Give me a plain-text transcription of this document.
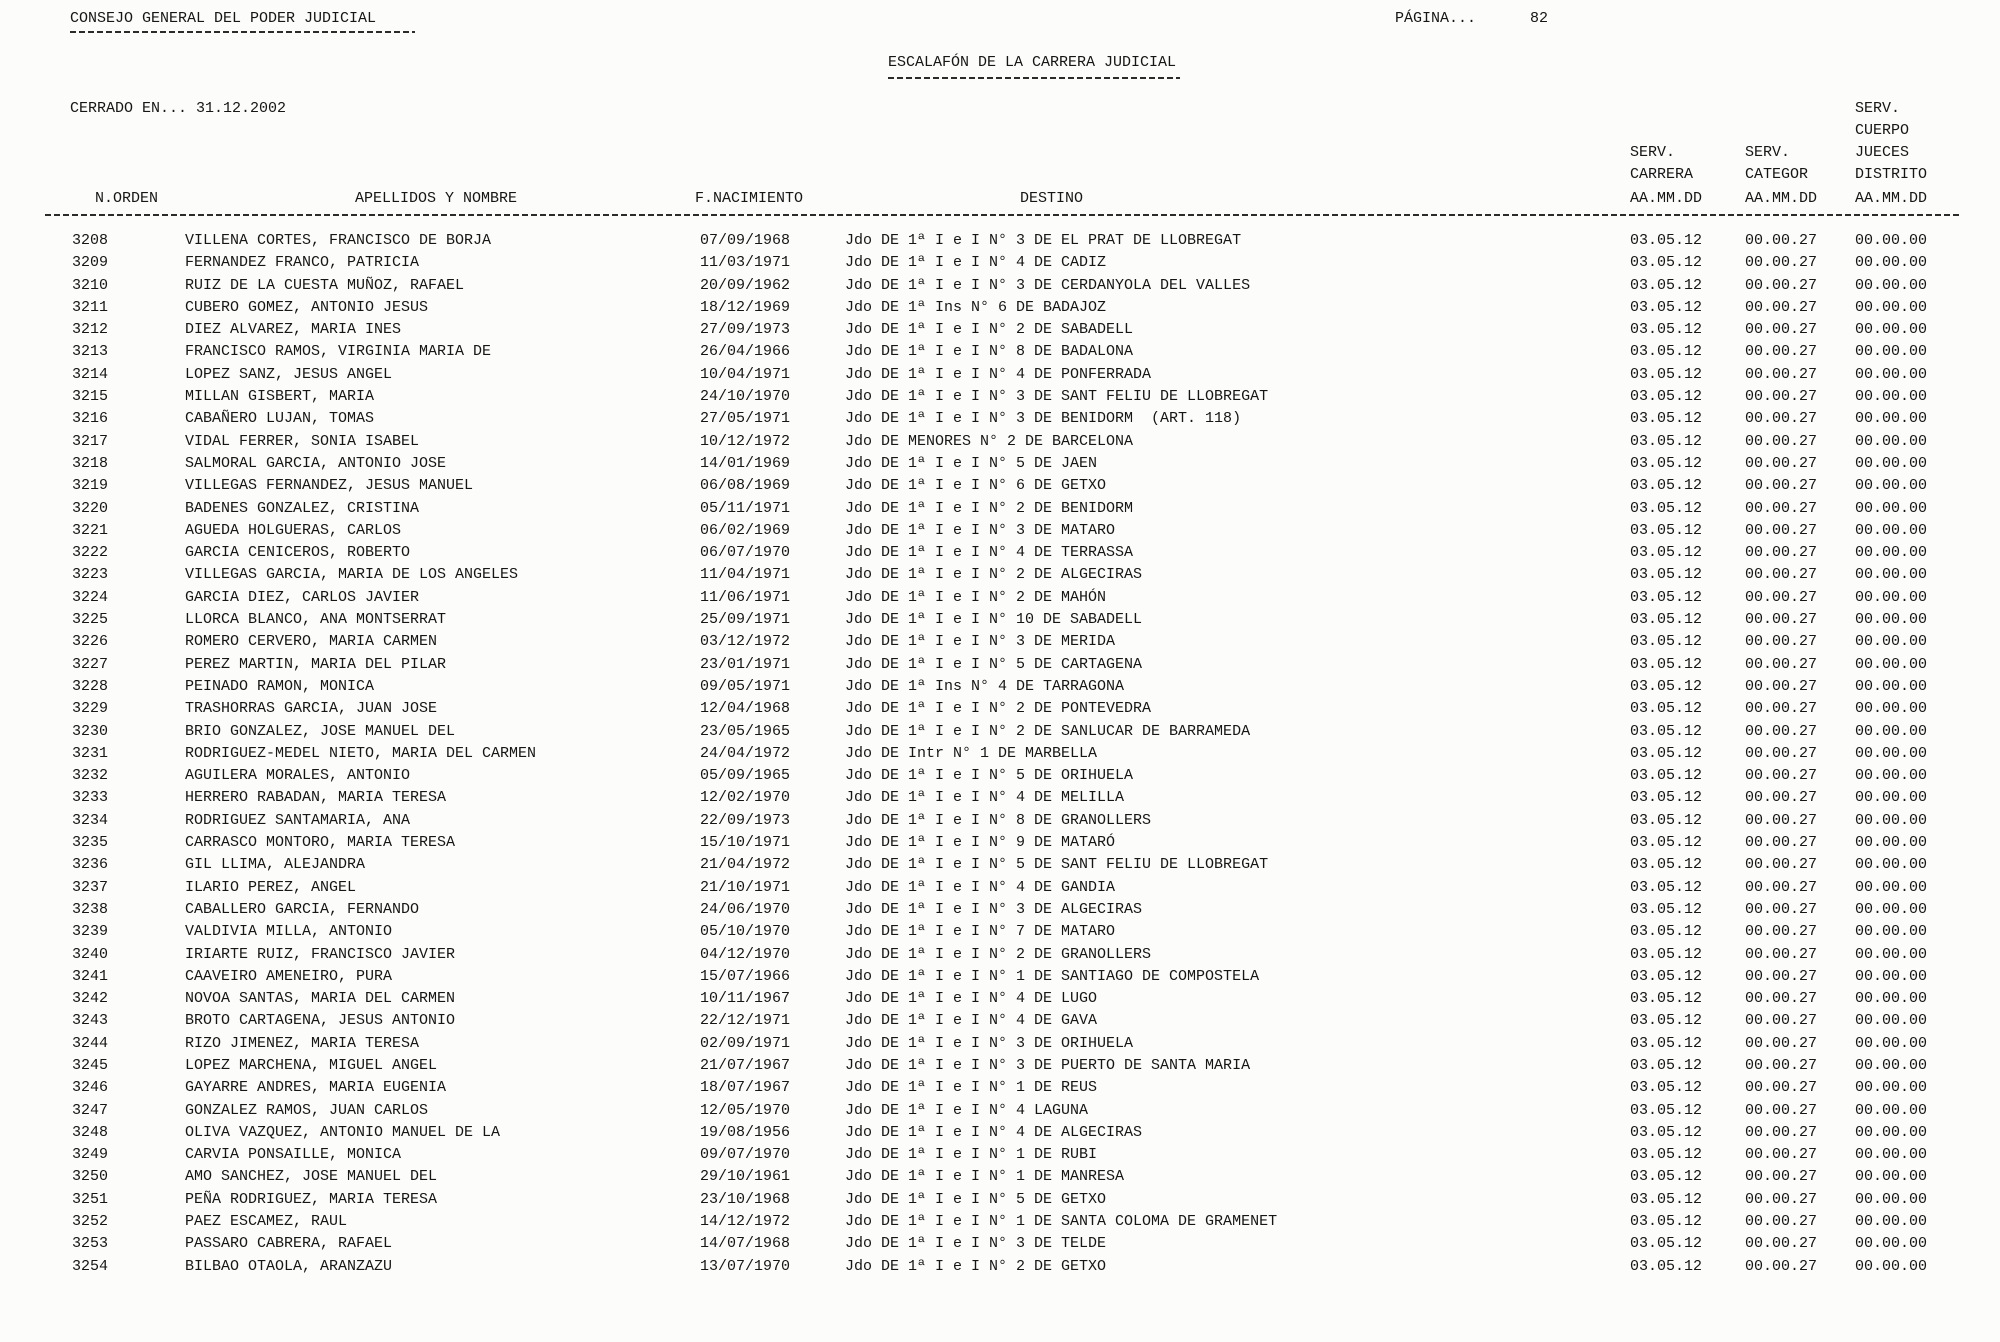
CONSEJO GENERAL DEL PODER JUDICIAL	PÁGINA...	82
ESCALAFÓN DE LA CARRERA JUDICIAL
CERRADO EN... 31.12.2002	SERV.
CUERPO
SERV.	SERV.	JUECES
CARRERA	CATEGOR	DISTRITO
N.ORDEN	APELLIDOS Y NOMBRE	F.NACIMIENTO	DESTINO	AA.MM.DD	AA.MM.DD	AA.MM.DD
3208	VILLENA CORTES, FRANCISCO DE BORJA	07/09/1968	Jdo DE 1ª I e I N° 3 DE EL PRAT DE LLOBREGAT	03.05.12	00.00.27	00.00.00
3209	FERNANDEZ FRANCO, PATRICIA	11/03/1971	Jdo DE 1ª I e I N° 4 DE CADIZ	03.05.12	00.00.27	00.00.00
3210	RUIZ DE LA CUESTA MUÑOZ, RAFAEL	20/09/1962	Jdo DE 1ª I e I N° 3 DE CERDANYOLA DEL VALLES	03.05.12	00.00.27	00.00.00
3211	CUBERO GOMEZ, ANTONIO JESUS	18/12/1969	Jdo DE 1ª Ins N° 6 DE BADAJOZ	03.05.12	00.00.27	00.00.00
3212	DIEZ ALVAREZ, MARIA INES	27/09/1973	Jdo DE 1ª I e I N° 2 DE SABADELL	03.05.12	00.00.27	00.00.00
3213	FRANCISCO RAMOS, VIRGINIA MARIA DE	26/04/1966	Jdo DE 1ª I e I N° 8 DE BADALONA	03.05.12	00.00.27	00.00.00
3214	LOPEZ SANZ, JESUS ANGEL	10/04/1971	Jdo DE 1ª I e I N° 4 DE PONFERRADA	03.05.12	00.00.27	00.00.00
3215	MILLAN GISBERT, MARIA	24/10/1970	Jdo DE 1ª I e I N° 3 DE SANT FELIU DE LLOBREGAT	03.05.12	00.00.27	00.00.00
3216	CABAÑERO LUJAN, TOMAS	27/05/1971	Jdo DE 1ª I e I N° 3 DE BENIDORM  (ART. 118)	03.05.12	00.00.27	00.00.00
3217	VIDAL FERRER, SONIA ISABEL	10/12/1972	Jdo DE MENORES N° 2 DE BARCELONA	03.05.12	00.00.27	00.00.00
3218	SALMORAL GARCIA, ANTONIO JOSE	14/01/1969	Jdo DE 1ª I e I N° 5 DE JAEN	03.05.12	00.00.27	00.00.00
3219	VILLEGAS FERNANDEZ, JESUS MANUEL	06/08/1969	Jdo DE 1ª I e I N° 6 DE GETXO	03.05.12	00.00.27	00.00.00
3220	BADENES GONZALEZ, CRISTINA	05/11/1971	Jdo DE 1ª I e I N° 2 DE BENIDORM	03.05.12	00.00.27	00.00.00
3221	AGUEDA HOLGUERAS, CARLOS	06/02/1969	Jdo DE 1ª I e I N° 3 DE MATARO	03.05.12	00.00.27	00.00.00
3222	GARCIA CENICEROS, ROBERTO	06/07/1970	Jdo DE 1ª I e I N° 4 DE TERRASSA	03.05.12	00.00.27	00.00.00
3223	VILLEGAS GARCIA, MARIA DE LOS ANGELES	11/04/1971	Jdo DE 1ª I e I N° 2 DE ALGECIRAS	03.05.12	00.00.27	00.00.00
3224	GARCIA DIEZ, CARLOS JAVIER	11/06/1971	Jdo DE 1ª I e I N° 2 DE MAHÓN	03.05.12	00.00.27	00.00.00
3225	LLORCA BLANCO, ANA MONTSERRAT	25/09/1971	Jdo DE 1ª I e I N° 10 DE SABADELL	03.05.12	00.00.27	00.00.00
3226	ROMERO CERVERO, MARIA CARMEN	03/12/1972	Jdo DE 1ª I e I N° 3 DE MERIDA	03.05.12	00.00.27	00.00.00
3227	PEREZ MARTIN, MARIA DEL PILAR	23/01/1971	Jdo DE 1ª I e I N° 5 DE CARTAGENA	03.05.12	00.00.27	00.00.00
3228	PEINADO RAMON, MONICA	09/05/1971	Jdo DE 1ª Ins N° 4 DE TARRAGONA	03.05.12	00.00.27	00.00.00
3229	TRASHORRAS GARCIA, JUAN JOSE	12/04/1968	Jdo DE 1ª I e I N° 2 DE PONTEVEDRA	03.05.12	00.00.27	00.00.00
3230	BRIO GONZALEZ, JOSE MANUEL DEL	23/05/1965	Jdo DE 1ª I e I N° 2 DE SANLUCAR DE BARRAMEDA	03.05.12	00.00.27	00.00.00
3231	RODRIGUEZ-MEDEL NIETO, MARIA DEL CARMEN	24/04/1972	Jdo DE Intr N° 1 DE MARBELLA	03.05.12	00.00.27	00.00.00
3232	AGUILERA MORALES, ANTONIO	05/09/1965	Jdo DE 1ª I e I N° 5 DE ORIHUELA	03.05.12	00.00.27	00.00.00
3233	HERRERO RABADAN, MARIA TERESA	12/02/1970	Jdo DE 1ª I e I N° 4 DE MELILLA	03.05.12	00.00.27	00.00.00
3234	RODRIGUEZ SANTAMARIA, ANA	22/09/1973	Jdo DE 1ª I e I N° 8 DE GRANOLLERS	03.05.12	00.00.27	00.00.00
3235	CARRASCO MONTORO, MARIA TERESA	15/10/1971	Jdo DE 1ª I e I N° 9 DE MATARÓ	03.05.12	00.00.27	00.00.00
3236	GIL LLIMA, ALEJANDRA	21/04/1972	Jdo DE 1ª I e I N° 5 DE SANT FELIU DE LLOBREGAT	03.05.12	00.00.27	00.00.00
3237	ILARIO PEREZ, ANGEL	21/10/1971	Jdo DE 1ª I e I N° 4 DE GANDIA	03.05.12	00.00.27	00.00.00
3238	CABALLERO GARCIA, FERNANDO	24/06/1970	Jdo DE 1ª I e I N° 3 DE ALGECIRAS	03.05.12	00.00.27	00.00.00
3239	VALDIVIA MILLA, ANTONIO	05/10/1970	Jdo DE 1ª I e I N° 7 DE MATARO	03.05.12	00.00.27	00.00.00
3240	IRIARTE RUIZ, FRANCISCO JAVIER	04/12/1970	Jdo DE 1ª I e I N° 2 DE GRANOLLERS	03.05.12	00.00.27	00.00.00
3241	CAAVEIRO AMENEIRO, PURA	15/07/1966	Jdo DE 1ª I e I N° 1 DE SANTIAGO DE COMPOSTELA	03.05.12	00.00.27	00.00.00
3242	NOVOA SANTAS, MARIA DEL CARMEN	10/11/1967	Jdo DE 1ª I e I N° 4 DE LUGO	03.05.12	00.00.27	00.00.00
3243	BROTO CARTAGENA, JESUS ANTONIO	22/12/1971	Jdo DE 1ª I e I N° 4 DE GAVA	03.05.12	00.00.27	00.00.00
3244	RIZO JIMENEZ, MARIA TERESA	02/09/1971	Jdo DE 1ª I e I N° 3 DE ORIHUELA	03.05.12	00.00.27	00.00.00
3245	LOPEZ MARCHENA, MIGUEL ANGEL	21/07/1967	Jdo DE 1ª I e I N° 3 DE PUERTO DE SANTA MARIA	03.05.12	00.00.27	00.00.00
3246	GAYARRE ANDRES, MARIA EUGENIA	18/07/1967	Jdo DE 1ª I e I N° 1 DE REUS	03.05.12	00.00.27	00.00.00
3247	GONZALEZ RAMOS, JUAN CARLOS	12/05/1970	Jdo DE 1ª I e I N° 4 LAGUNA	03.05.12	00.00.27	00.00.00
3248	OLIVA VAZQUEZ, ANTONIO MANUEL DE LA	19/08/1956	Jdo DE 1ª I e I N° 4 DE ALGECIRAS	03.05.12	00.00.27	00.00.00
3249	CARVIA PONSAILLE, MONICA	09/07/1970	Jdo DE 1ª I e I N° 1 DE RUBI	03.05.12	00.00.27	00.00.00
3250	AMO SANCHEZ, JOSE MANUEL DEL	29/10/1961	Jdo DE 1ª I e I N° 1 DE MANRESA	03.05.12	00.00.27	00.00.00
3251	PEÑA RODRIGUEZ, MARIA TERESA	23/10/1968	Jdo DE 1ª I e I N° 5 DE GETXO	03.05.12	00.00.27	00.00.00
3252	PAEZ ESCAMEZ, RAUL	14/12/1972	Jdo DE 1ª I e I N° 1 DE SANTA COLOMA DE GRAMENET	03.05.12	00.00.27	00.00.00
3253	PASSARO CABRERA, RAFAEL	14/07/1968	Jdo DE 1ª I e I N° 3 DE TELDE	03.05.12	00.00.27	00.00.00
3254	BILBAO OTAOLA, ARANZAZU	13/07/1970	Jdo DE 1ª I e I N° 2 DE GETXO	03.05.12	00.00.27	00.00.00
